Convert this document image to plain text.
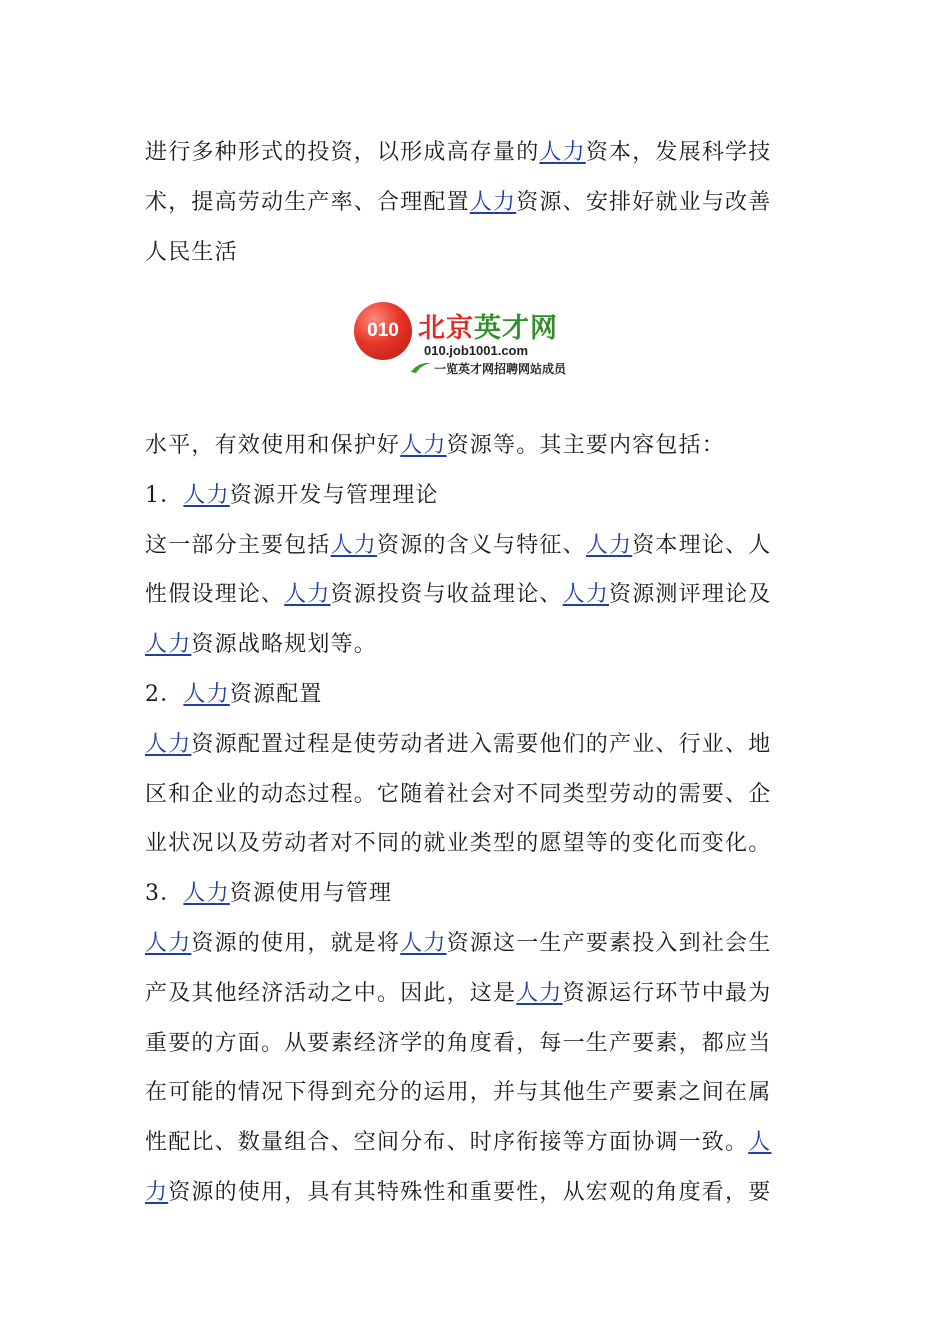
进行多种形式的投资，以形成高存量的人力资本，发展科学技
术，提高劳动生产率、合理配置人力资源、安排好就业与改善
人民生活
010 北京英才网
010.job1001.com
一览英才网招聘网站成员
水平，有效使用和保护好人力资源等。其主要内容包括：
1．人力资源开发与管理理论
这一部分主要包括人力资源的含义与特征、人力资本理论、人
性假设理论、人力资源投资与收益理论、人力资源测评理论及
人力资源战略规划等。
2．人力资源配置
人力资源配置过程是使劳动者进入需要他们的产业、行业、地
区和企业的动态过程。它随着社会对不同类型劳动的需要、企
业状况以及劳动者对不同的就业类型的愿望等的变化而变化。
3．人力资源使用与管理
人力资源的使用，就是将人力资源这一生产要素投入到社会生
产及其他经济活动之中。因此，这是人力资源运行环节中最为
重要的方面。从要素经济学的角度看，每一生产要素，都应当
在可能的情况下得到充分的运用，并与其他生产要素之间在属
性配比、数量组合、空间分布、时序衔接等方面协调一致。人
力资源的使用，具有其特殊性和重要性，从宏观的角度看，要
